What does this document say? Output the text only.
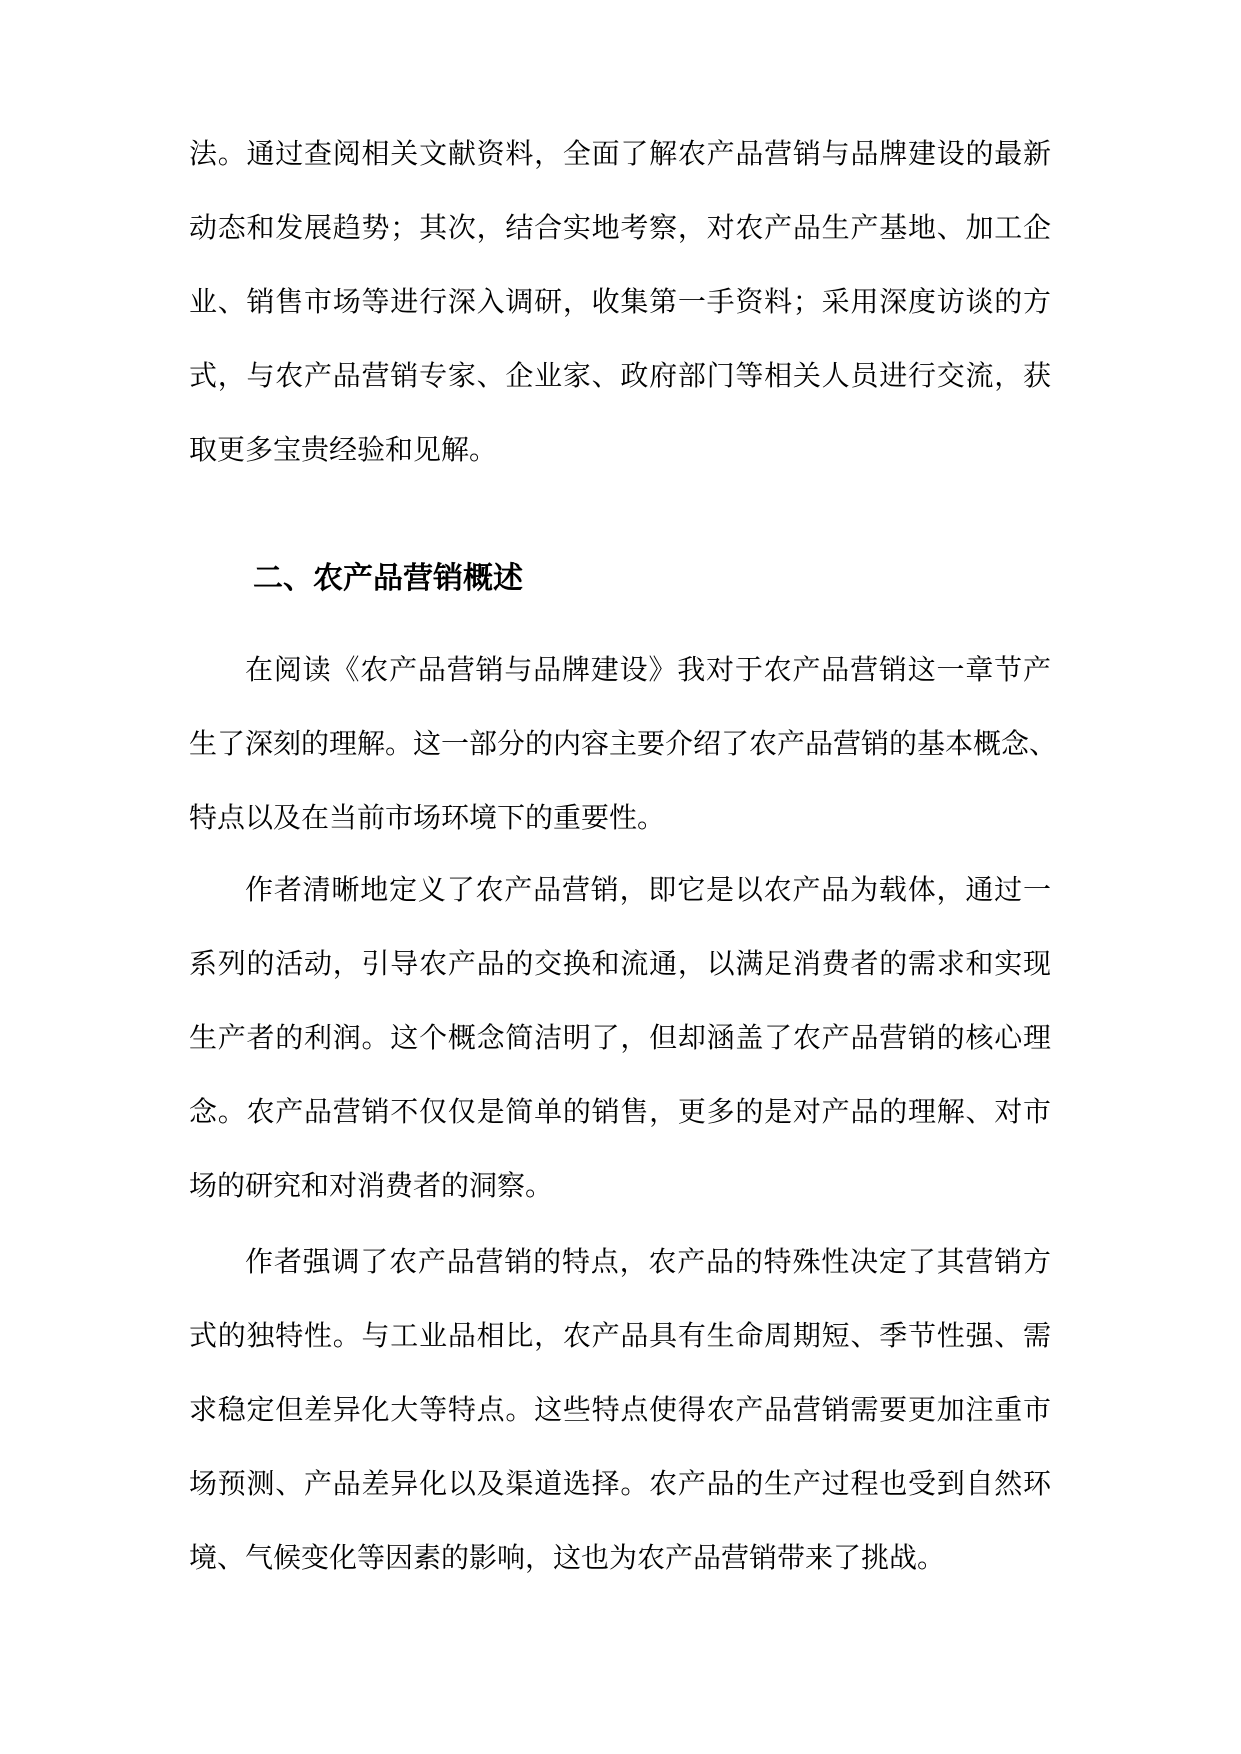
法。通过查阅相关文献资料，全面了解农产品营销与品牌建设的最新
动态和发展趋势；其次，结合实地考察，对农产品生产基地、加工企
业、销售市场等进行深入调研，收集第一手资料；采用深度访谈的方
式，与农产品营销专家、企业家、政府部门等相关人员进行交流，获
取更多宝贵经验和见解。
二、农产品营销概述
在阅读《农产品营销与品牌建设》我对于农产品营销这一章节产
生了深刻的理解。这一部分的内容主要介绍了农产品营销的基本概念、
特点以及在当前市场环境下的重要性。
作者清晰地定义了农产品营销，即它是以农产品为载体，通过一
系列的活动，引导农产品的交换和流通，以满足消费者的需求和实现
生产者的利润。这个概念简洁明了，但却涵盖了农产品营销的核心理
念。农产品营销不仅仅是简单的销售，更多的是对产品的理解、对市
场的研究和对消费者的洞察。
作者强调了农产品营销的特点，农产品的特殊性决定了其营销方
式的独特性。与工业品相比，农产品具有生命周期短、季节性强、需
求稳定但差异化大等特点。这些特点使得农产品营销需要更加注重市
场预测、产品差异化以及渠道选择。农产品的生产过程也受到自然环
境、气候变化等因素的影响，这也为农产品营销带来了挑战。
